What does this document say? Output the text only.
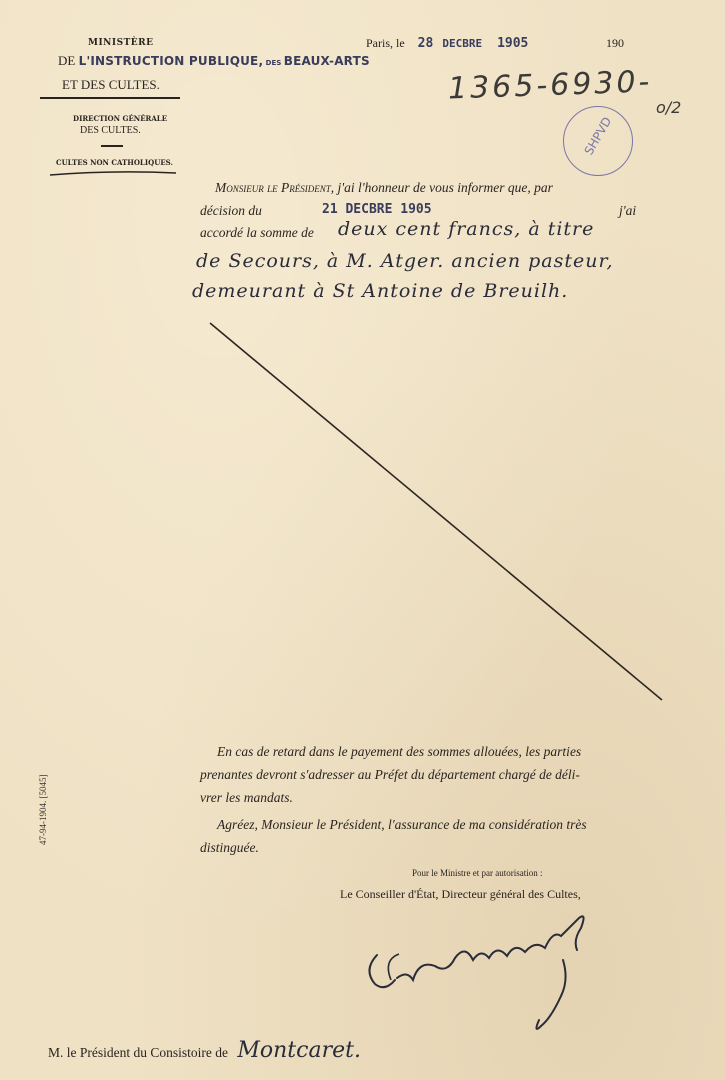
MINISTÈRE
DE L'INSTRUCTION PUBLIQUE, DES BEAUX-ARTS
ET DES CULTES.
DIRECTION GÉNÉRALE
DES CULTES.
CULTES NON CATHOLIQUES.
Paris, le 28 DECBRE 1905	190
1365-6930-
o/2
SHPVD
Monsieur le Président, j'ai l'honneur de vous informer que, par
décision du	21 DECBRE 1905	j'ai
accordé la somme de deux cent francs, à titre
de Secours, à M. Atger. ancien pasteur,
demeurant à St Antoine de Breuilh.
47-94-1904. [5045]
En cas de retard dans le payement des sommes allouées, les parties
prenantes devront s'adresser au Préfet du département chargé de déli-
vrer les mandats.
Agréez, Monsieur le Président, l'assurance de ma considération très
distinguée.
Pour le Ministre et par autorisation :
Le Conseiller d'État, Directeur général des Cultes,
M. le Président du Consistoire de Montcaret.
